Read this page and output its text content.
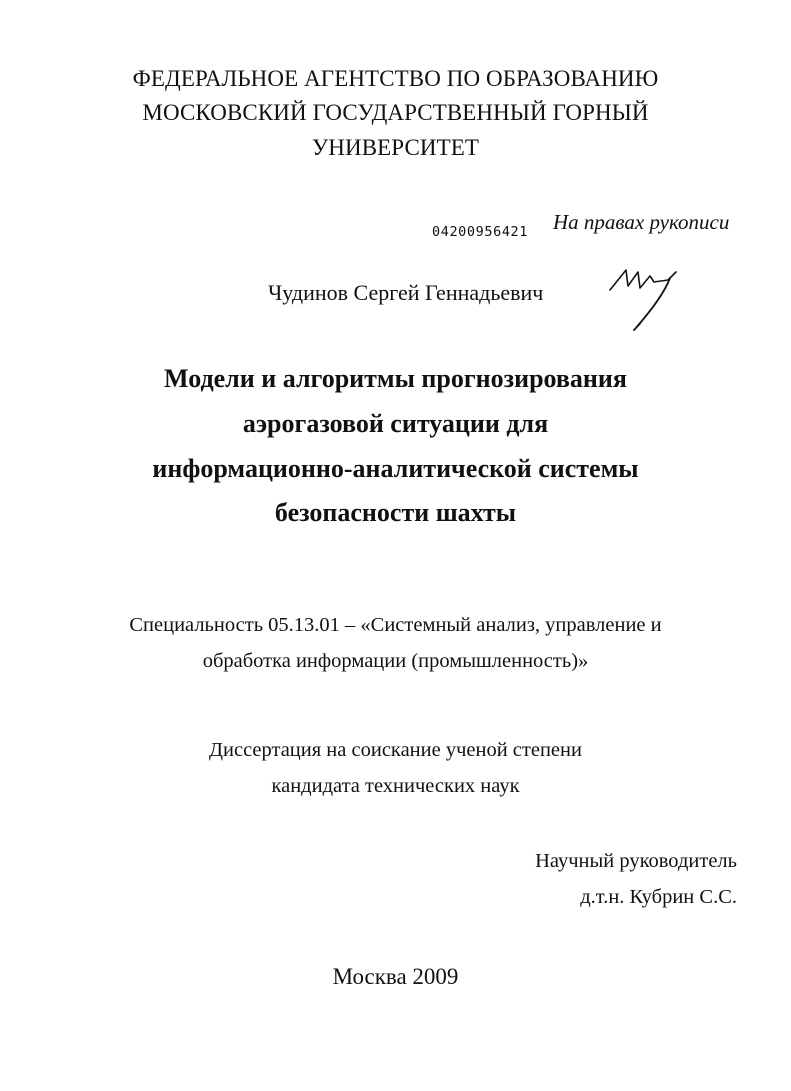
ФЕДЕРАЛЬНОЕ АГЕНТСТВО ПО ОБРАЗОВАНИЮ
МОСКОВСКИЙ ГОСУДАРСТВЕННЫЙ ГОРНЫЙ
УНИВЕРСИТЕТ
04200956421 На правах рукописи
Чудинов Сергей Геннадьевич
Модели и алгоритмы прогнозирования
аэрогазовой ситуации для
информационно-аналитической системы
безопасности шахты
Специальность 05.13.01 – «Системный анализ, управление и
обработка информации (промышленность)»
Диссертация на соискание ученой степени
кандидата технических наук
Научный руководитель
д.т.н. Кубрин С.С.
Москва 2009
